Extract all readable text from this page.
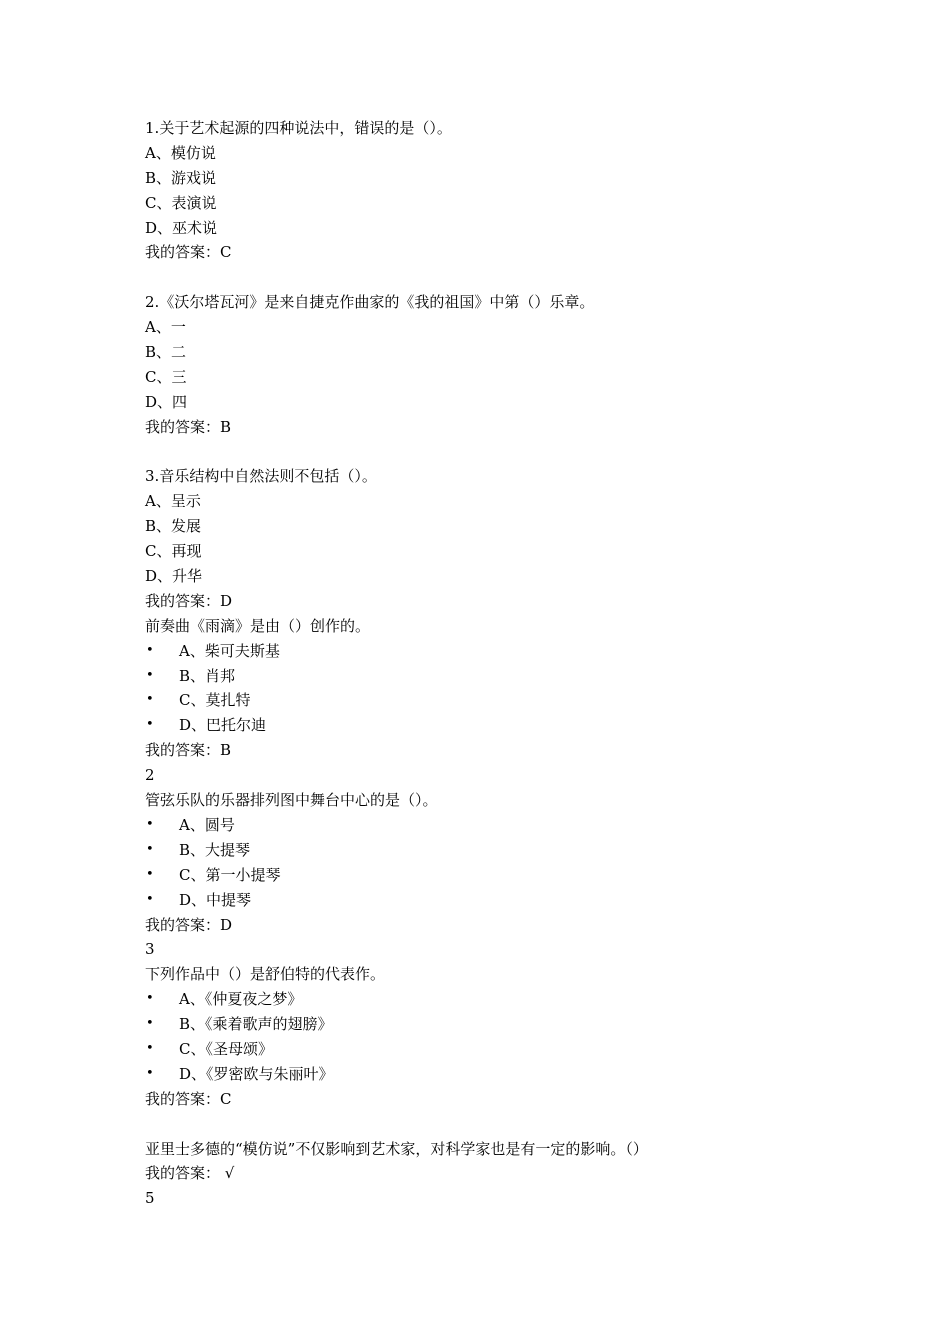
1.关于艺术起源的四种说法中，错误的是（）。
A、模仿说
B、游戏说
C、表演说
D、巫术说
我的答案：C
2.《沃尔塔瓦河》是来自捷克作曲家的《我的祖国》中第（）乐章。
A、一
B、二
C、三
D、四
我的答案：B
3.音乐结构中自然法则不包括（）。
A、呈示
B、发展
C、再现
D、升华
我的答案：D
前奏曲《雨滴》是由（）创作的。
•	A、柴可夫斯基
•	B、肖邦
•	C、莫扎特
•	D、巴托尔迪
我的答案：B
2
管弦乐队的乐器排列图中舞台中心的是（）。
•	A、圆号
•	B、大提琴
•	C、第一小提琴
•	D、中提琴
我的答案：D
3
下列作品中（）是舒伯特的代表作。
•	A、《仲夏夜之梦》
•	B、《乘着歌声的翅膀》
•	C、《圣母颂》
•	D、《罗密欧与朱丽叶》
我的答案：C
亚里士多德的“模仿说”不仅影响到艺术家，对科学家也是有一定的影响。（）
我的答案： √
5
